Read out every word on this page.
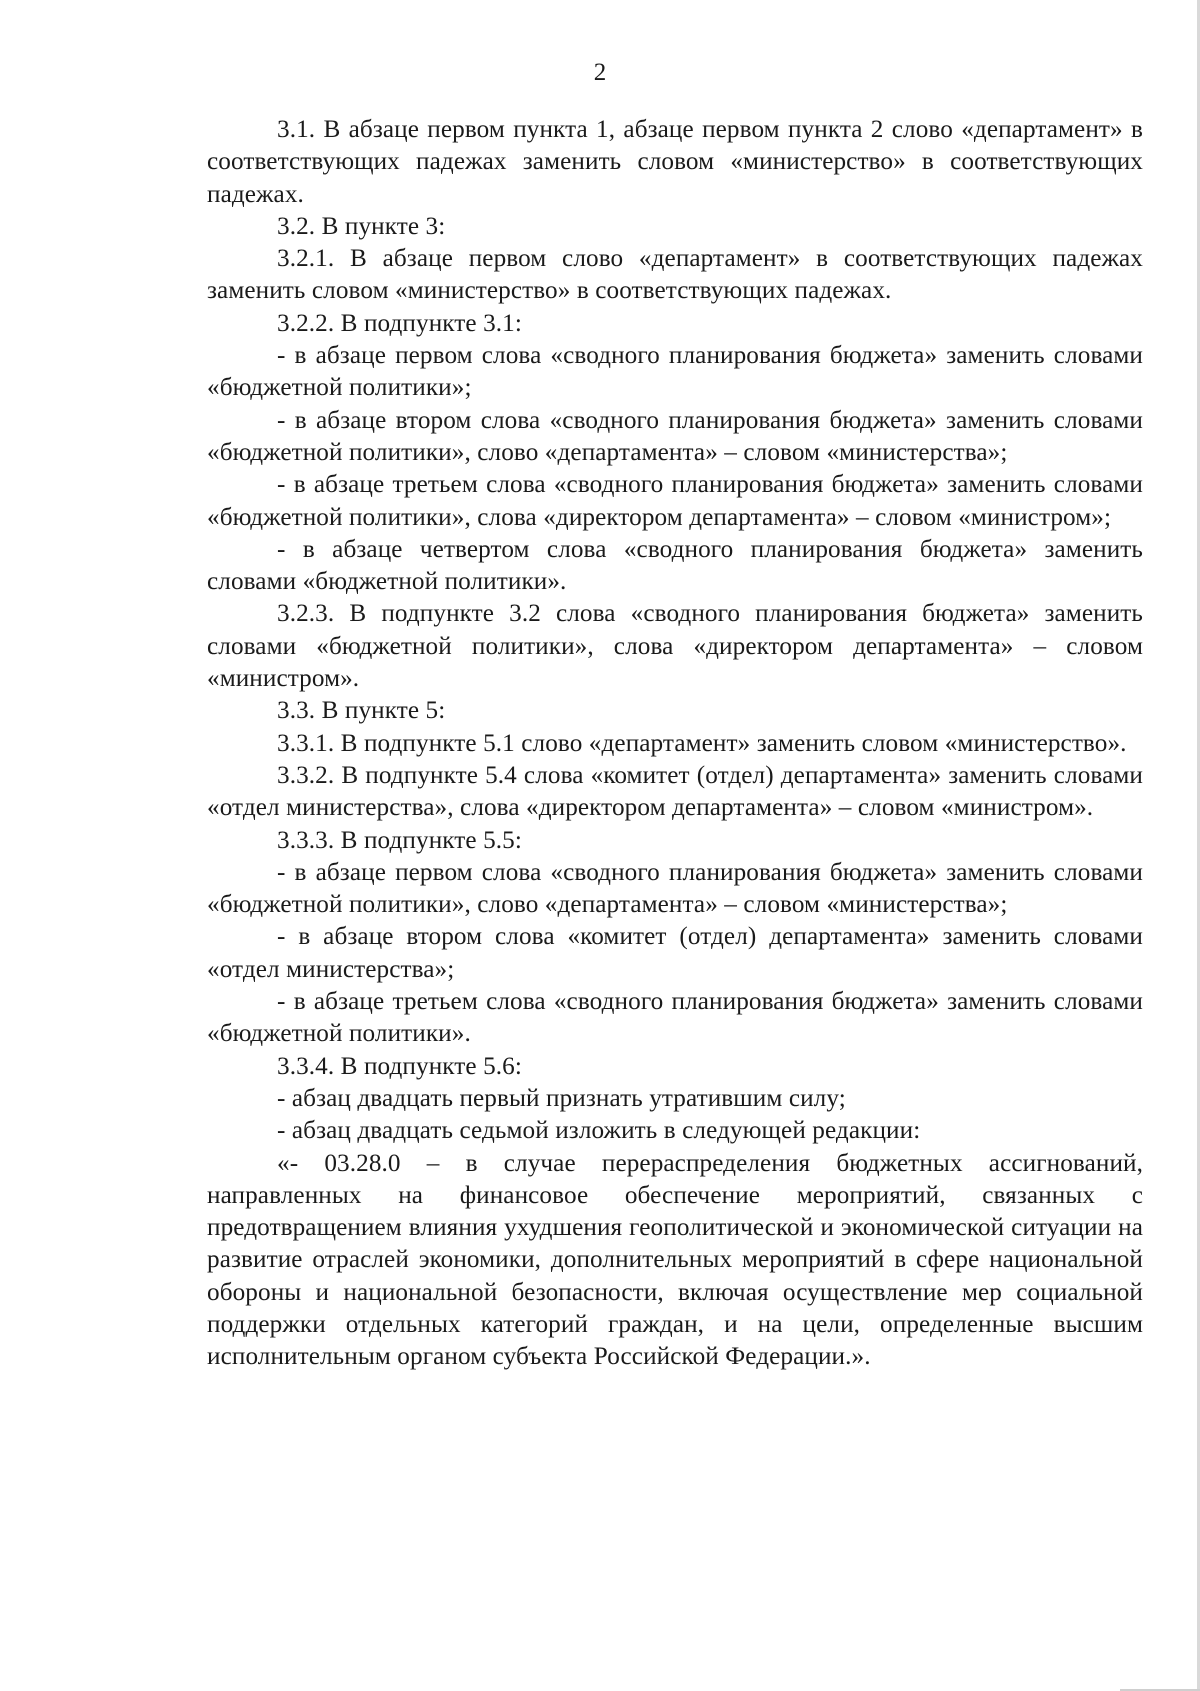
2

3.1. В абзаце первом пункта 1, абзаце первом пункта 2 слово «департамент» в соответствующих падежах заменить словом «министерство» в соответствующих падежах.

3.2. В пункте 3:

3.2.1. В абзаце первом слово «департамент» в соответствующих падежах заменить словом «министерство» в соответствующих падежах.

3.2.2. В подпункте 3.1:

- в абзаце первом слова «сводного планирования бюджета» заменить словами «бюджетной политики»;

- в абзаце втором слова «сводного планирования бюджета» заменить словами «бюджетной политики», слово «департамента» – словом «министерства»;

- в абзаце третьем слова «сводного планирования бюджета» заменить словами «бюджетной политики», слова «директором департамента» – словом «министром»;

- в абзаце четвертом слова «сводного планирования бюджета» заменить словами «бюджетной политики».

3.2.3. В подпункте 3.2 слова «сводного планирования бюджета» заменить словами «бюджетной политики», слова «директором департамента» – словом «министром».

3.3. В пункте 5:

3.3.1. В подпункте 5.1 слово «департамент» заменить словом «министерство».

3.3.2. В подпункте 5.4 слова «комитет (отдел) департамента» заменить словами «отдел министерства», слова «директором департамента» – словом «министром».

3.3.3. В подпункте 5.5:

- в абзаце первом слова «сводного планирования бюджета» заменить словами «бюджетной политики», слово «департамента» – словом «министерства»;

- в абзаце втором слова «комитет (отдел) департамента» заменить словами «отдел министерства»;

- в абзаце третьем слова «сводного планирования бюджета» заменить словами «бюджетной политики».

3.3.4. В подпункте 5.6:

- абзац двадцать первый признать утратившим силу;

- абзац двадцать седьмой изложить в следующей редакции:

«- 03.28.0 – в случае перераспределения бюджетных ассигнований, направленных на финансовое обеспечение мероприятий, связанных с предотвращением влияния ухудшения геополитической и экономической ситуации на развитие отраслей экономики, дополнительных мероприятий в сфере национальной обороны и национальной безопасности, включая осуществление мер социальной поддержки отдельных категорий граждан, и на цели, определенные высшим исполнительным органом субъекта Российской Федерации.».
